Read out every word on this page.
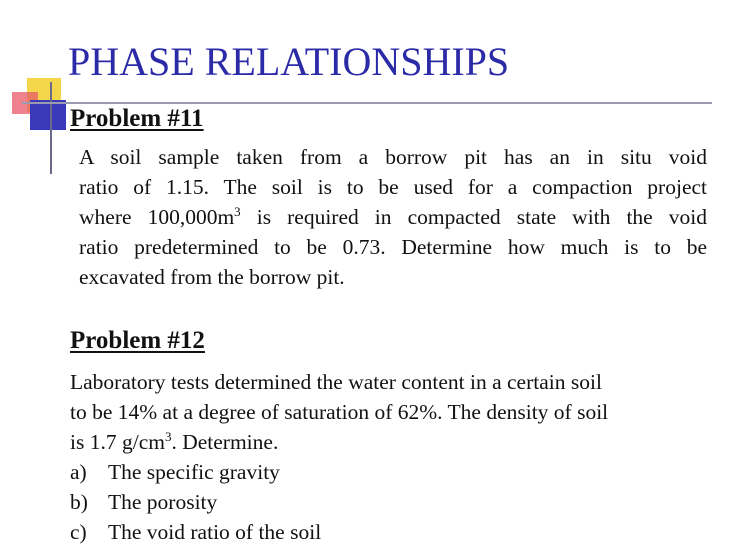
PHASE RELATIONSHIPS
Problem #11

A soil sample taken from a borrow pit has an in situ void
ratio of 1.15. The soil is to be used for a compaction project
where $100,000m^3$ is required in compacted state with the void
ratio predetermined to be 0.73. Determine how much is to be
excavated from the borrow pit.

Problem #12

Laboratory tests determined the water content in a certain soil
to be 14% at a degree of saturation of 62%. The density of soil
is 1.7 $g/cm^3$. Determine.

a) The specific gravity
b) The porosity
c) The void ratio of the soil
